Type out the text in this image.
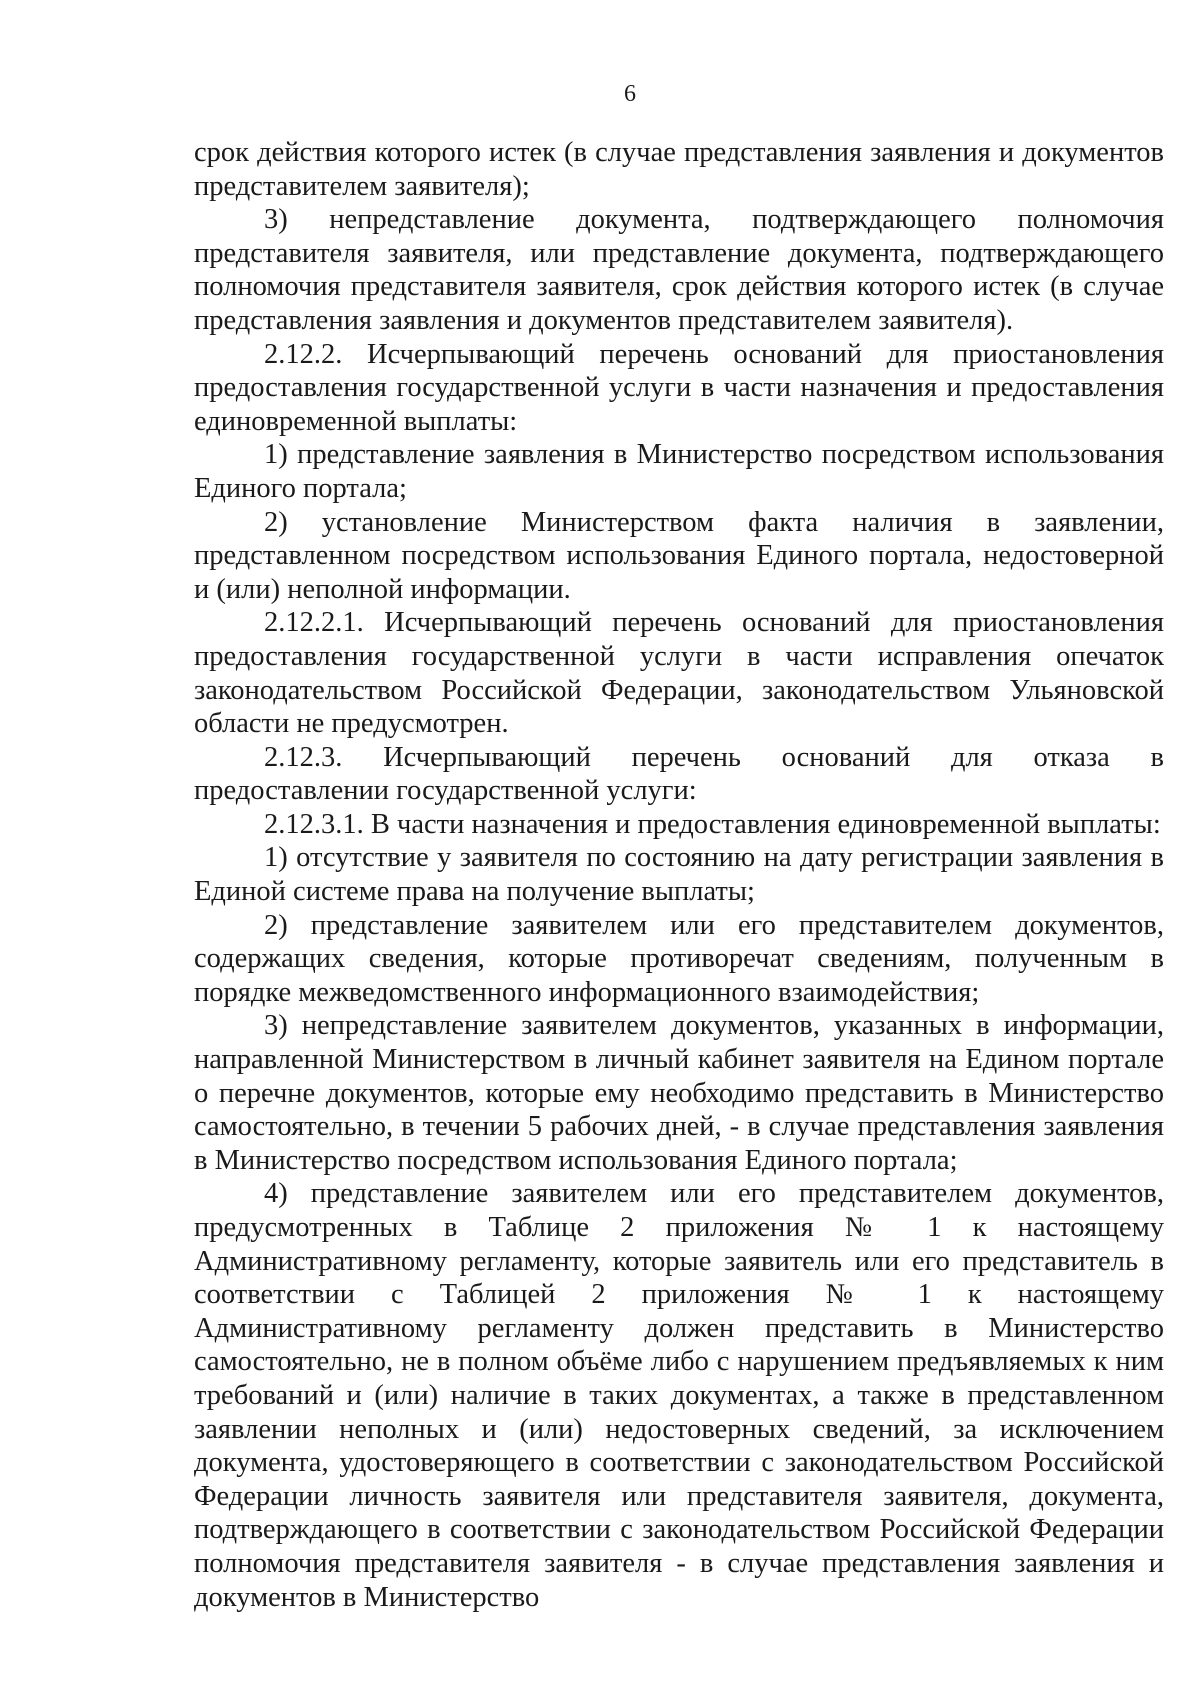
6

срок действия которого истек (в случае представления заявления и документов представителем заявителя);

3) непредставление документа, подтверждающего полномочия представителя заявителя, или представление документа, подтверждающего полномочия представителя заявителя, срок действия которого истек (в случае представления заявления и документов представителем заявителя).

2.12.2. Исчерпывающий перечень оснований для приостановления предоставления государственной услуги в части назначения и предоставления единовременной выплаты:

1) представление заявления в Министерство посредством использования Единого портала;

2) установление Министерством факта наличия в заявлении, представленном посредством использования Единого портала, недостоверной и (или) неполной информации.

2.12.2.1. Исчерпывающий перечень оснований для приостановления предоставления государственной услуги в части исправления опечаток законодательством Российской Федерации, законодательством Ульяновской области не предусмотрен.

2.12.3. Исчерпывающий перечень оснований для отказа в предоставлении государственной услуги:

2.12.3.1. В части назначения и предоставления единовременной выплаты:

1) отсутствие у заявителя по состоянию на дату регистрации заявления в Единой системе права на получение выплаты;

2) представление заявителем или его представителем документов, содержащих сведения, которые противоречат сведениям, полученным в порядке межведомственного информационного взаимодействия;

3) непредставление заявителем документов, указанных в информации, направленной Министерством в личный кабинет заявителя на Едином портале о перечне документов, которые ему необходимо представить в Министерство самостоятельно, в течении 5 рабочих дней, - в случае представления заявления в Министерство посредством использования Единого портала;

4) представление заявителем или его представителем документов, предусмотренных в Таблице 2 приложения № 1 к настоящему Административному регламенту, которые заявитель или его представитель в соответствии с Таблицей 2 приложения № 1 к настоящему Административному регламенту должен представить в Министерство самостоятельно, не в полном объёме либо с нарушением предъявляемых к ним требований и (или) наличие в таких документах, а также в представленном заявлении неполных и (или) недостоверных сведений, за исключением документа, удостоверяющего в соответствии с законодательством Российской Федерации личность заявителя или представителя заявителя, документа, подтверждающего в соответствии с законодательством Российской Федерации полномочия представителя заявителя - в случае представления заявления и документов в Министерство
